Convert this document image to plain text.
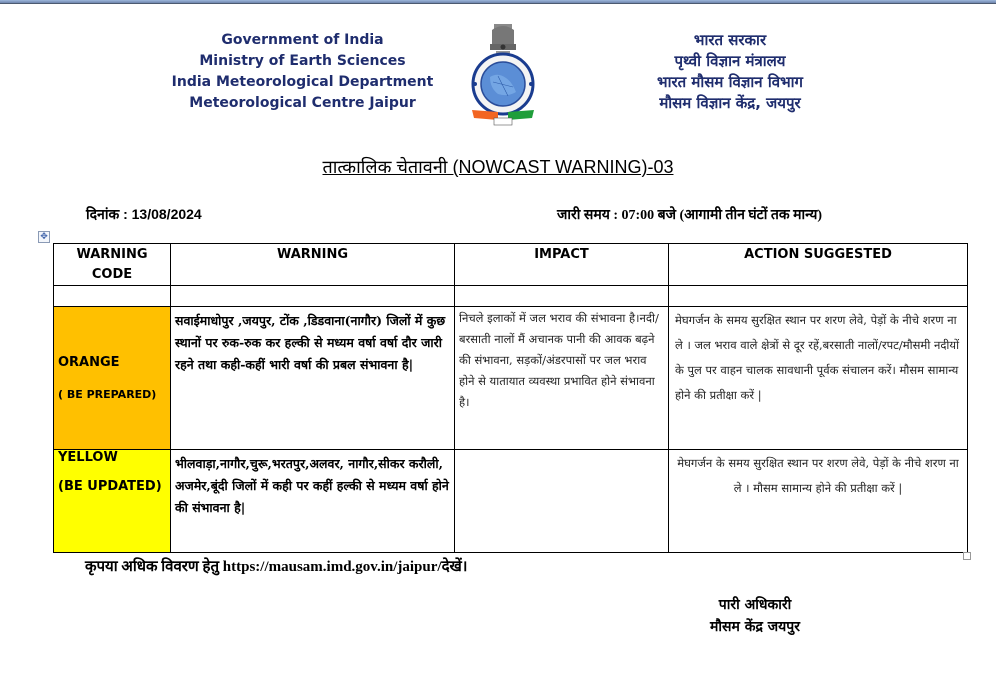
Government of India
Ministry of Earth Sciences
India Meteorological Department
Meteorological Centre Jaipur
भारत सरकार
पृथ्वी विज्ञान मंत्रालय
भारत मौसम विज्ञान विभाग
मौसम विज्ञान केंद्र, जयपुर
तात्कालिक चेतावनी (NOWCAST WARNING)-03
दिनांक : 13/08/2024	जारी समय : 07:00 बजे (आगामी तीन घंटों तक मान्य)
✥
WARNING
CODE	WARNING	IMPACT	ACTION SUGGESTED

ORANGE
( BE PREPARED)	सवाईमाधोपुर ,जयपुर, टोंक ,डिडवाना(नागौर) जिलों में कुछ स्थानों पर रुक-रुक कर हल्की से मध्यम वर्षा वर्षा दौर जारी रहने तथा कही-कहीं भारी वर्षा की प्रबल संभावना है|	निचले इलाकों में जल भराव की संभावना है।नदी/बरसाती नालों मैं अचानक पानी की आवक बढ़ने की संभावना, सड़कों/अंडरपासों पर जल भराव होने से यातायात व्यवस्था प्रभावित होने संभावना है।	मेघगर्जन के समय सुरक्षित स्थान पर शरण लेवे, पेड़ों के नीचे शरण ना ले । जल भराव वाले क्षेत्रों से दूर रहें,बरसाती नालों/रपट/मौसमी नदीयों के पुल पर वाहन चालक सावधानी पूर्वक संचालन करें। मौसम सामान्य होने की प्रतीक्षा करें |

YELLOW
(BE UPDATED)	भीलवाड़ा,नागौर,चुरू,भरतपुर,अलवर, नागौर,सीकर करौली, अजमेर,बूंदी जिलों में कही पर कहीं हल्की से मध्यम वर्षा होने की संभावना है|		मेघगर्जन के समय सुरक्षित स्थान पर शरण लेवे, पेड़ों के नीचे शरण ना ले । मौसम सामान्य होने की प्रतीक्षा करें |
कृपया अधिक विवरण हेतु https://mausam.imd.gov.in/jaipur/देखें।
पारी अधिकारी
मौसम केंद्र जयपुर
